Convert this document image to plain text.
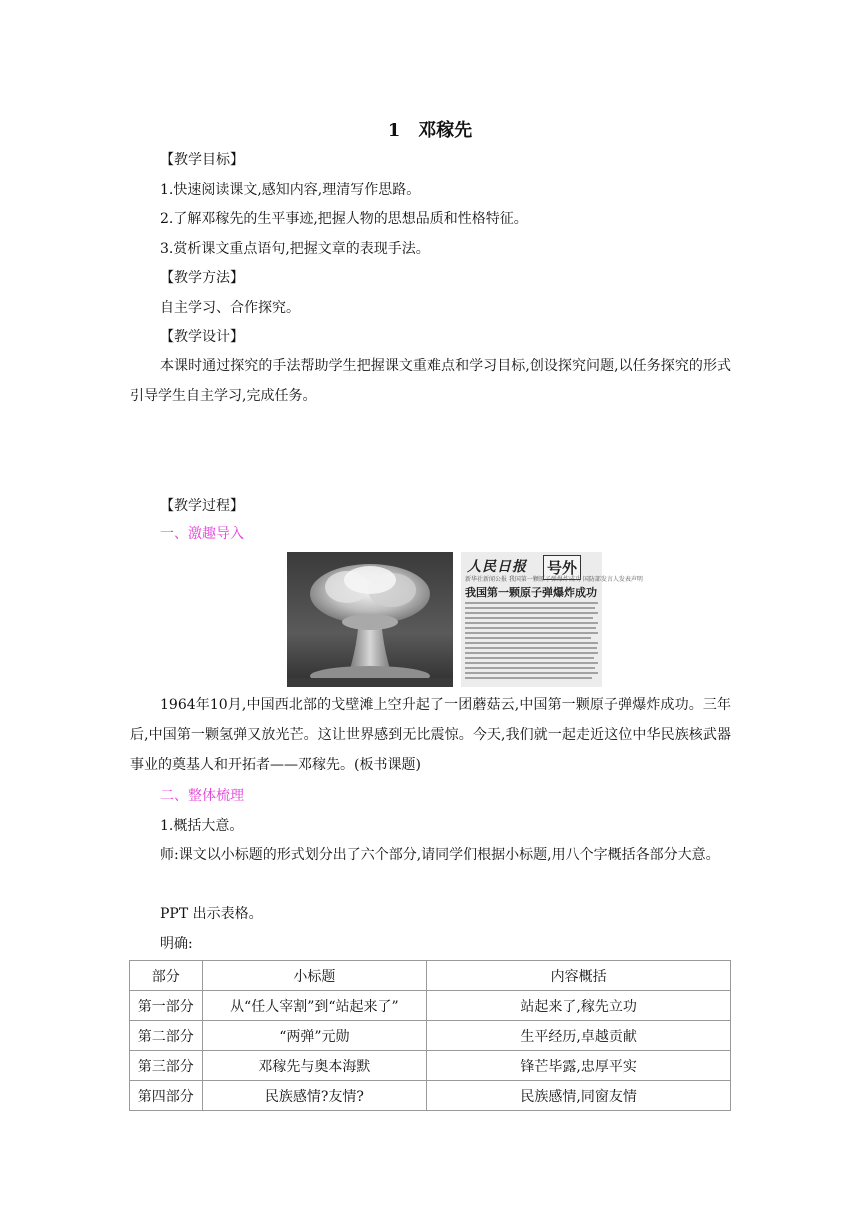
1 邓稼先
【教学目标】
1.快速阅读课文,感知内容,理清写作思路。
2.了解邓稼先的生平事迹,把握人物的思想品质和性格特征。
3.赏析课文重点语句,把握文章的表现手法。
【教学方法】
自主学习、合作探究。
【教学设计】
本课时通过探究的手法帮助学生把握课文重难点和学习目标,创设探究问题,以任务探究的形式引导学生自主学习,完成任务。
【教学过程】
一、激趣导入
人民日报 号外
新华社新闻公报 我国第一颗原子弹爆炸成功 国防部发言人发表声明
我国第一颗原子弹爆炸成功
1964年10月,中国西北部的戈壁滩上空升起了一团蘑菇云,中国第一颗原子弹爆炸成功。三年后,中国第一颗氢弹又放光芒。这让世界感到无比震惊。今天,我们就一起走近这位中华民族核武器事业的奠基人和开拓者——邓稼先。(板书课题)
二、整体梳理
1.概括大意。
师:课文以小标题的形式划分出了六个部分,请同学们根据小标题,用八个字概括各部分大意。
PPT 出示表格。
明确:
部分	小标题	内容概括
第一部分	从“任人宰割”到“站起来了”	站起来了,稼先立功
第二部分	“两弹”元勋	生平经历,卓越贡献
第三部分	邓稼先与奥本海默	锋芒毕露,忠厚平实
第四部分	民族感情?友情?	民族感情,同窗友情
